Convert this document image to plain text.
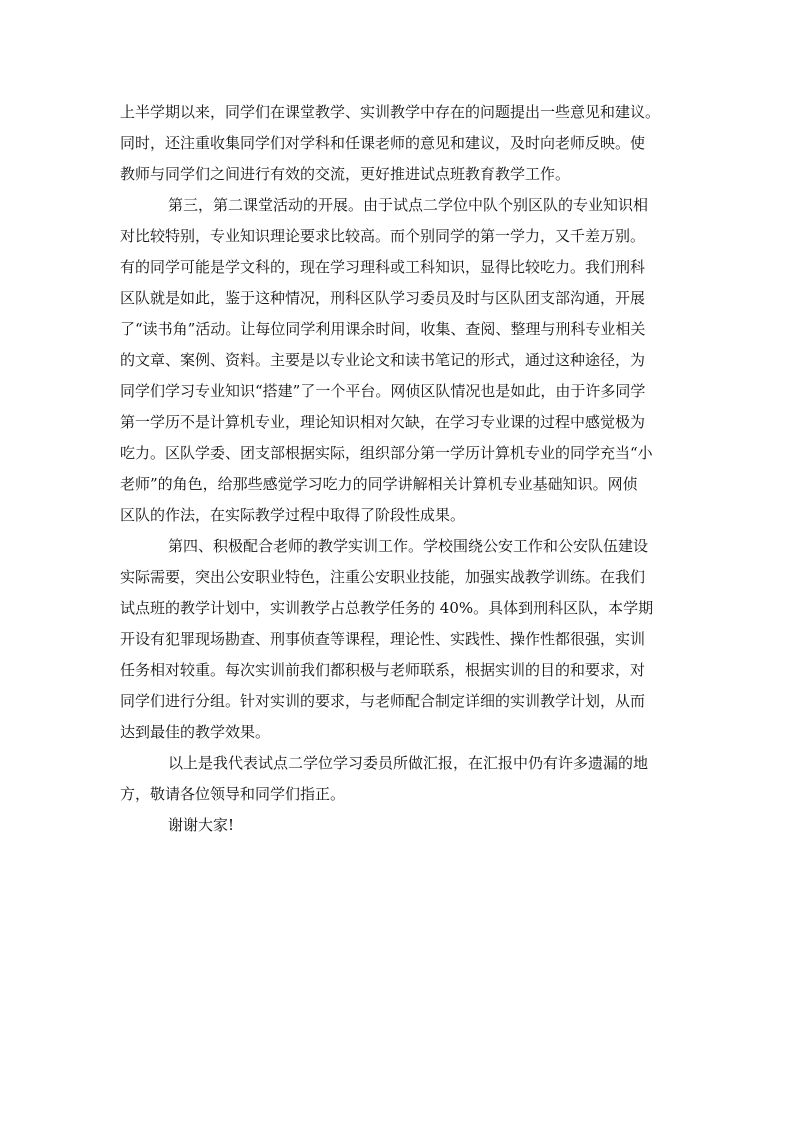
上半学期以来，同学们在课堂教学、实训教学中存在的问题提出一些意见和建议。
同时，还注重收集同学们对学科和任课老师的意见和建议，及时向老师反映。使
教师与同学们之间进行有效的交流，更好推进试点班教育教学工作。

第三，第二课堂活动的开展。由于试点二学位中队个别区队的专业知识相
对比较特别，专业知识理论要求比较高。而个别同学的第一学力，又千差万别。
有的同学可能是学文科的，现在学习理科或工科知识，显得比较吃力。我们刑科
区队就是如此，鉴于这种情况，刑科区队学习委员及时与区队团支部沟通，开展
了“读书角”活动。让每位同学利用课余时间，收集、查阅、整理与刑科专业相关
的文章、案例、资料。主要是以专业论文和读书笔记的形式，通过这种途径，为
同学们学习专业知识“搭建”了一个平台。网侦区队情况也是如此，由于许多同学
第一学历不是计算机专业，理论知识相对欠缺，在学习专业课的过程中感觉极为
吃力。区队学委、团支部根据实际，组织部分第一学历计算机专业的同学充当“小
老师”的角色，给那些感觉学习吃力的同学讲解相关计算机专业基础知识。网侦
区队的作法，在实际教学过程中取得了阶段性成果。

第四、积极配合老师的教学实训工作。学校围绕公安工作和公安队伍建设
实际需要，突出公安职业特色，注重公安职业技能，加强实战教学训练。在我们
试点班的教学计划中，实训教学占总教学任务的 40%。具体到刑科区队，本学期
开设有犯罪现场勘查、刑事侦查等课程，理论性、实践性、操作性都很强，实训
任务相对较重。每次实训前我们都积极与老师联系，根据实训的目的和要求，对
同学们进行分组。针对实训的要求，与老师配合制定详细的实训教学计划，从而
达到最佳的教学效果。

以上是我代表试点二学位学习委员所做汇报，在汇报中仍有许多遗漏的地
方，敬请各位领导和同学们指正。

谢谢大家!
